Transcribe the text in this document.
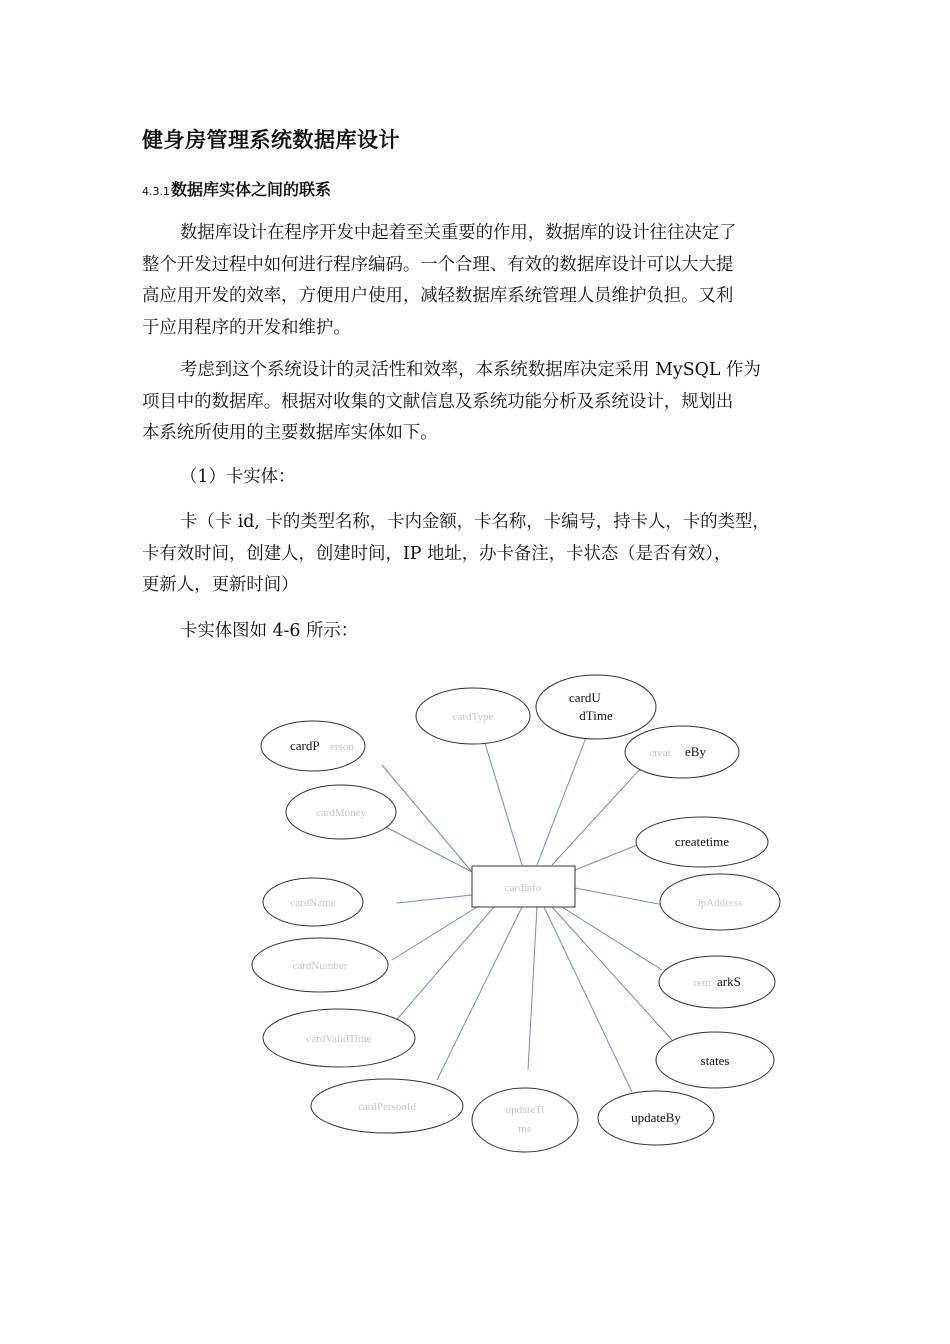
健身房管理系统数据库设计
4.3.1数据库实体之间的联系
数据库设计在程序开发中起着至关重要的作用，数据库的设计往往决定了
整个开发过程中如何进行程序编码。一个合理、有效的数据库设计可以大大提
高应用开发的效率，方便用户使用，减轻数据库系统管理人员维护负担。又利
于应用程序的开发和维护。
考虑到这个系统设计的灵活性和效率，本系统数据库决定采用 MySQL 作为
项目中的数据库。根据对收集的文献信息及系统功能分析及系统设计，规划出
本系统所使用的主要数据库实体如下。
（1）卡实体：
卡（卡 id, 卡的类型名称，卡内金额，卡名称，卡编号，持卡人，卡的类型，
卡有效时间，创建人，创建时间，IP 地址，办卡备注，卡状态（是否有效），
更新人，更新时间）
卡实体图如 4-6 所示：
cardinfo
cardType
cardU
dTime
creat eBy
cardP erson
cardMoney
createtime
cardName	ipAddress
cardNumber
rem arkS
cardValidTime
states
cardPersonId	updateTi
me
updateBy
